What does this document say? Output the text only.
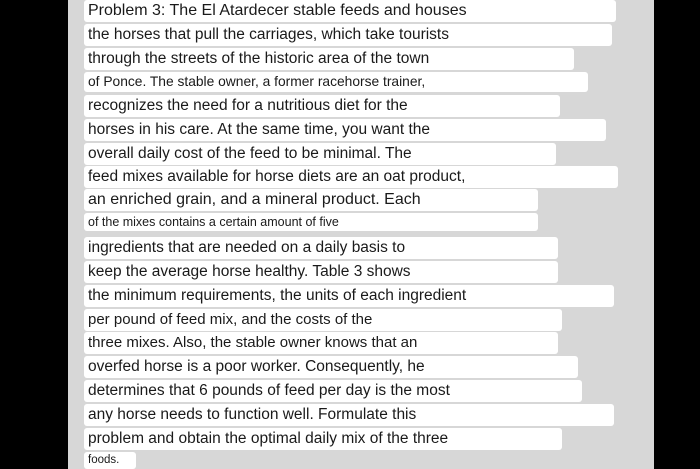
Problem 3: The El Atardecer stable feeds and houses
the horses that pull the carriages, which take tourists
through the streets of the historic area of the town
of Ponce. The stable owner, a former racehorse trainer,
recognizes the need for a nutritious diet for the
horses in his care. At the same time, you want the
overall daily cost of the feed to be minimal. The
feed mixes available for horse diets are an oat product,
an enriched grain, and a mineral product. Each
of the mixes contains a certain amount of five
ingredients that are needed on a daily basis to
keep the average horse healthy. Table 3 shows
the minimum requirements, the units of each ingredient
per pound of feed mix, and the costs of the
three mixes. Also, the stable owner knows that an
overfed horse is a poor worker. Consequently, he
determines that 6 pounds of feed per day is the most
any horse needs to function well. Formulate this
problem and obtain the optimal daily mix of the three
foods.
